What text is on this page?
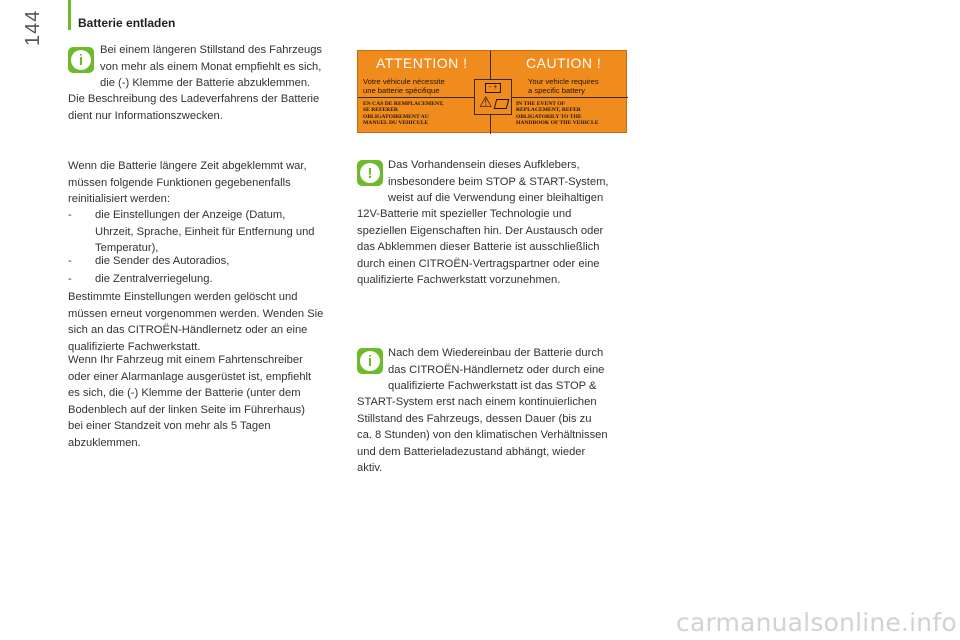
144	Batterie entladen
i
Bei einem längeren Stillstand des Fahrzeugs
von mehr als einem Monat empfiehlt es sich,
die (-) Klemme der Batterie abzuklemmen.
Die Beschreibung des Ladeverfahrens der Batterie
dient nur Informationszwecken.
Wenn die Batterie längere Zeit abgeklemmt war,
müssen folgende Funktionen gegebenenfalls
reinitialisiert werden:
- die Einstellungen der Anzeige (Datum,
Uhrzeit, Sprache, Einheit für Entfernung und
Temperatur),
- die Sender des Autoradios,
- die Zentralverriegelung.
Bestimmte Einstellungen werden gelöscht und
müssen erneut vorgenommen werden. Wenden Sie
sich an das CITROËN-Händlernetz oder an eine
qualifizierte Fachwerkstatt.
Wenn Ihr Fahrzeug mit einem Fahrtenschreiber
oder einer Alarmanlage ausgerüstet ist, empfiehlt
es sich, die (-) Klemme der Batterie (unter dem
Bodenblech auf der linken Seite im Führerhaus)
bei einer Standzeit von mehr als 5 Tagen
abzuklemmen.
ATTENTION !	CAUTION !
Votre véhicule nécessite
une batterie spécifique
Your vehicle requires
a specific battery
- +
⚠
EN CAS DE REMPLACEMENT,
SE REFERER
OBLIGATOIREMENT AU
MANUEL DU VEHICULE
IN THE EVENT OF
REPLACEMENT, REFER
OBLIGATORILY TO THE
HANDBOOK OF THE VEHICLE
!	Das Vorhandensein dieses Aufklebers,
insbesondere beim STOP & START-System,
weist auf die Verwendung einer bleihaltigen
12V-Batterie mit spezieller Technologie und
speziellen Eigenschaften hin. Der Austausch oder
das Abklemmen dieser Batterie ist ausschließlich
durch einen CITROËN-Vertragspartner oder eine
qualifizierte Fachwerkstatt vorzunehmen.
i	Nach dem Wiedereinbau der Batterie durch
das CITROËN-Händlernetz oder durch eine
qualifizierte Fachwerkstatt ist das STOP &
START-System erst nach einem kontinuierlichen
Stillstand des Fahrzeugs, dessen Dauer (bis zu
ca. 8 Stunden) von den klimatischen Verhältnissen
und dem Batterieladezustand abhängt, wieder
aktiv.
carmanualsonline.info
